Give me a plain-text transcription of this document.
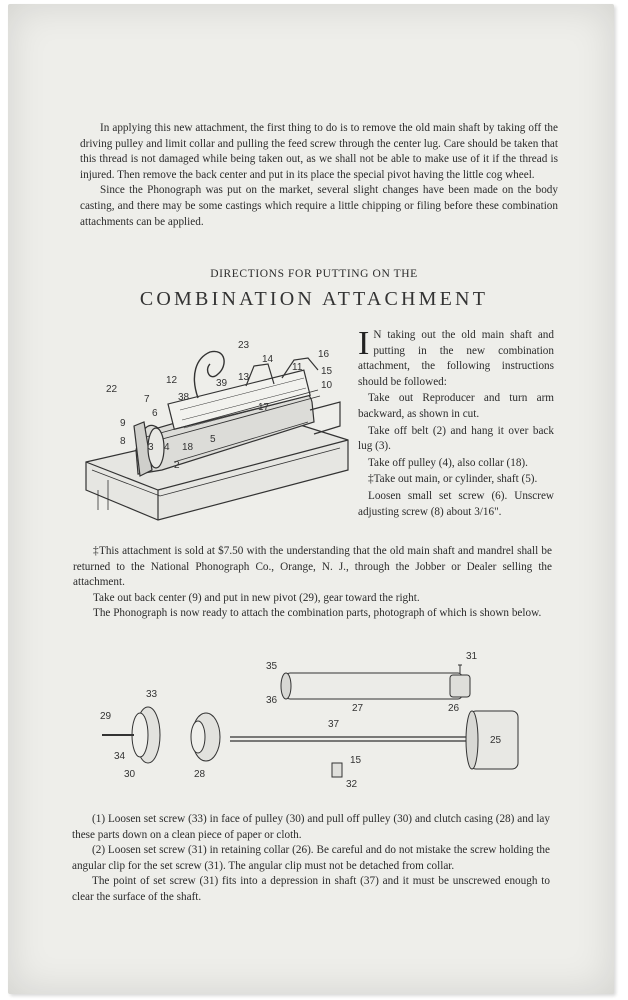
In applying this new attachment, the first thing to do is to remove the old main shaft by taking off the driving pulley and limit collar and pulling the feed screw through the center lug. Care should be taken that this thread is not damaged while being taken out, as we shall not be able to make use of it if the thread is injured. Then remove the back center and put in its place the special pivot having the little cog wheel.

Since the Phonograph was put on the market, several slight changes have been made on the body casting, and there may be some castings which require a little chipping or filing before these combination attachments can be applied.

DIRECTIONS FOR PUTTING ON THE
COMBINATION ATTACHMENT
23
14	16
11 15
10
12	39
13
22
38
7
6
17
9
8	5
3	18
4
2

I N taking out the old main shaft and putting in the new combination attachment, the following instructions should be followed:

Take out Reproducer and turn arm backward, as shown in cut.

Take off belt (2) and hang it over back lug (3).

Take off pulley (4), also collar (18).

‡Take out main, or cylinder, shaft (5).

Loosen small set screw (6). Unscrew adjusting screw (8) about 3/16".

‡This attachment is sold at $7.50 with the understanding that the old main shaft and mandrel shall be returned to the National Phonograph Co., Orange, N. J., through the Jobber or Dealer selling the attachment.

Take out back center (9) and put in new pivot (29), gear toward the right.

The Phonograph is now ready to attach the combination parts, photograph of which is shown below.

35
31
36
27	26
33
29
37
25
34
30	28
15
32

(1) Loosen set screw (33) in face of pulley (30) and pull off pulley (30) and clutch casing (28) and lay these parts down on a clean piece of paper or cloth.

(2) Loosen set screw (31) in retaining collar (26). Be careful and do not mistake the screw holding the angular clip for the set screw (31). The angular clip must not be detached from collar.

The point of set screw (31) fits into a depression in shaft (37) and it must be unscrewed enough to clear the surface of the shaft.
